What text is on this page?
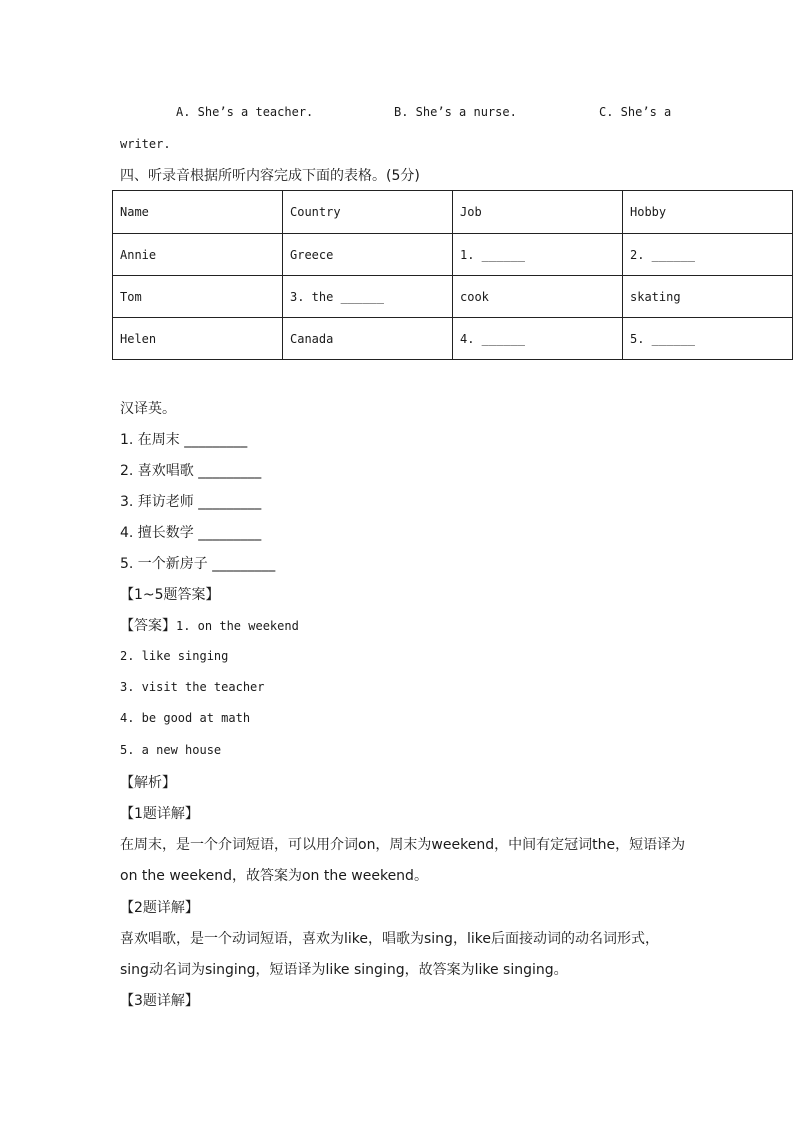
A. She’s a teacher.	B. She’s a nurse.	C. She’s a
writer.
四、听录音根据所听内容完成下面的表格。(5分)
Name	Country	Job	Hobby
Annie	Greece	1. ______	2. ______
Tom	3. the ______	cook	skating
Helen	Canada	4. ______	5. ______
汉译英。
1. 在周末 _________
2. 喜欢唱歌 _________
3. 拜访老师 _________
4. 擅长数学 _________
5. 一个新房子 _________
【1~5题答案】
【答案】1. on the weekend
2. like singing
3. visit the teacher
4. be good at math
5. a new house
【解析】
【1题详解】
在周末，是一个介词短语，可以用介词on，周末为weekend，中间有定冠词the，短语译为
on the weekend，故答案为on the weekend。
【2题详解】
喜欢唱歌，是一个动词短语，喜欢为like，唱歌为sing，like后面接动词的动名词形式，
sing动名词为singing，短语译为like singing，故答案为like singing。
【3题详解】
